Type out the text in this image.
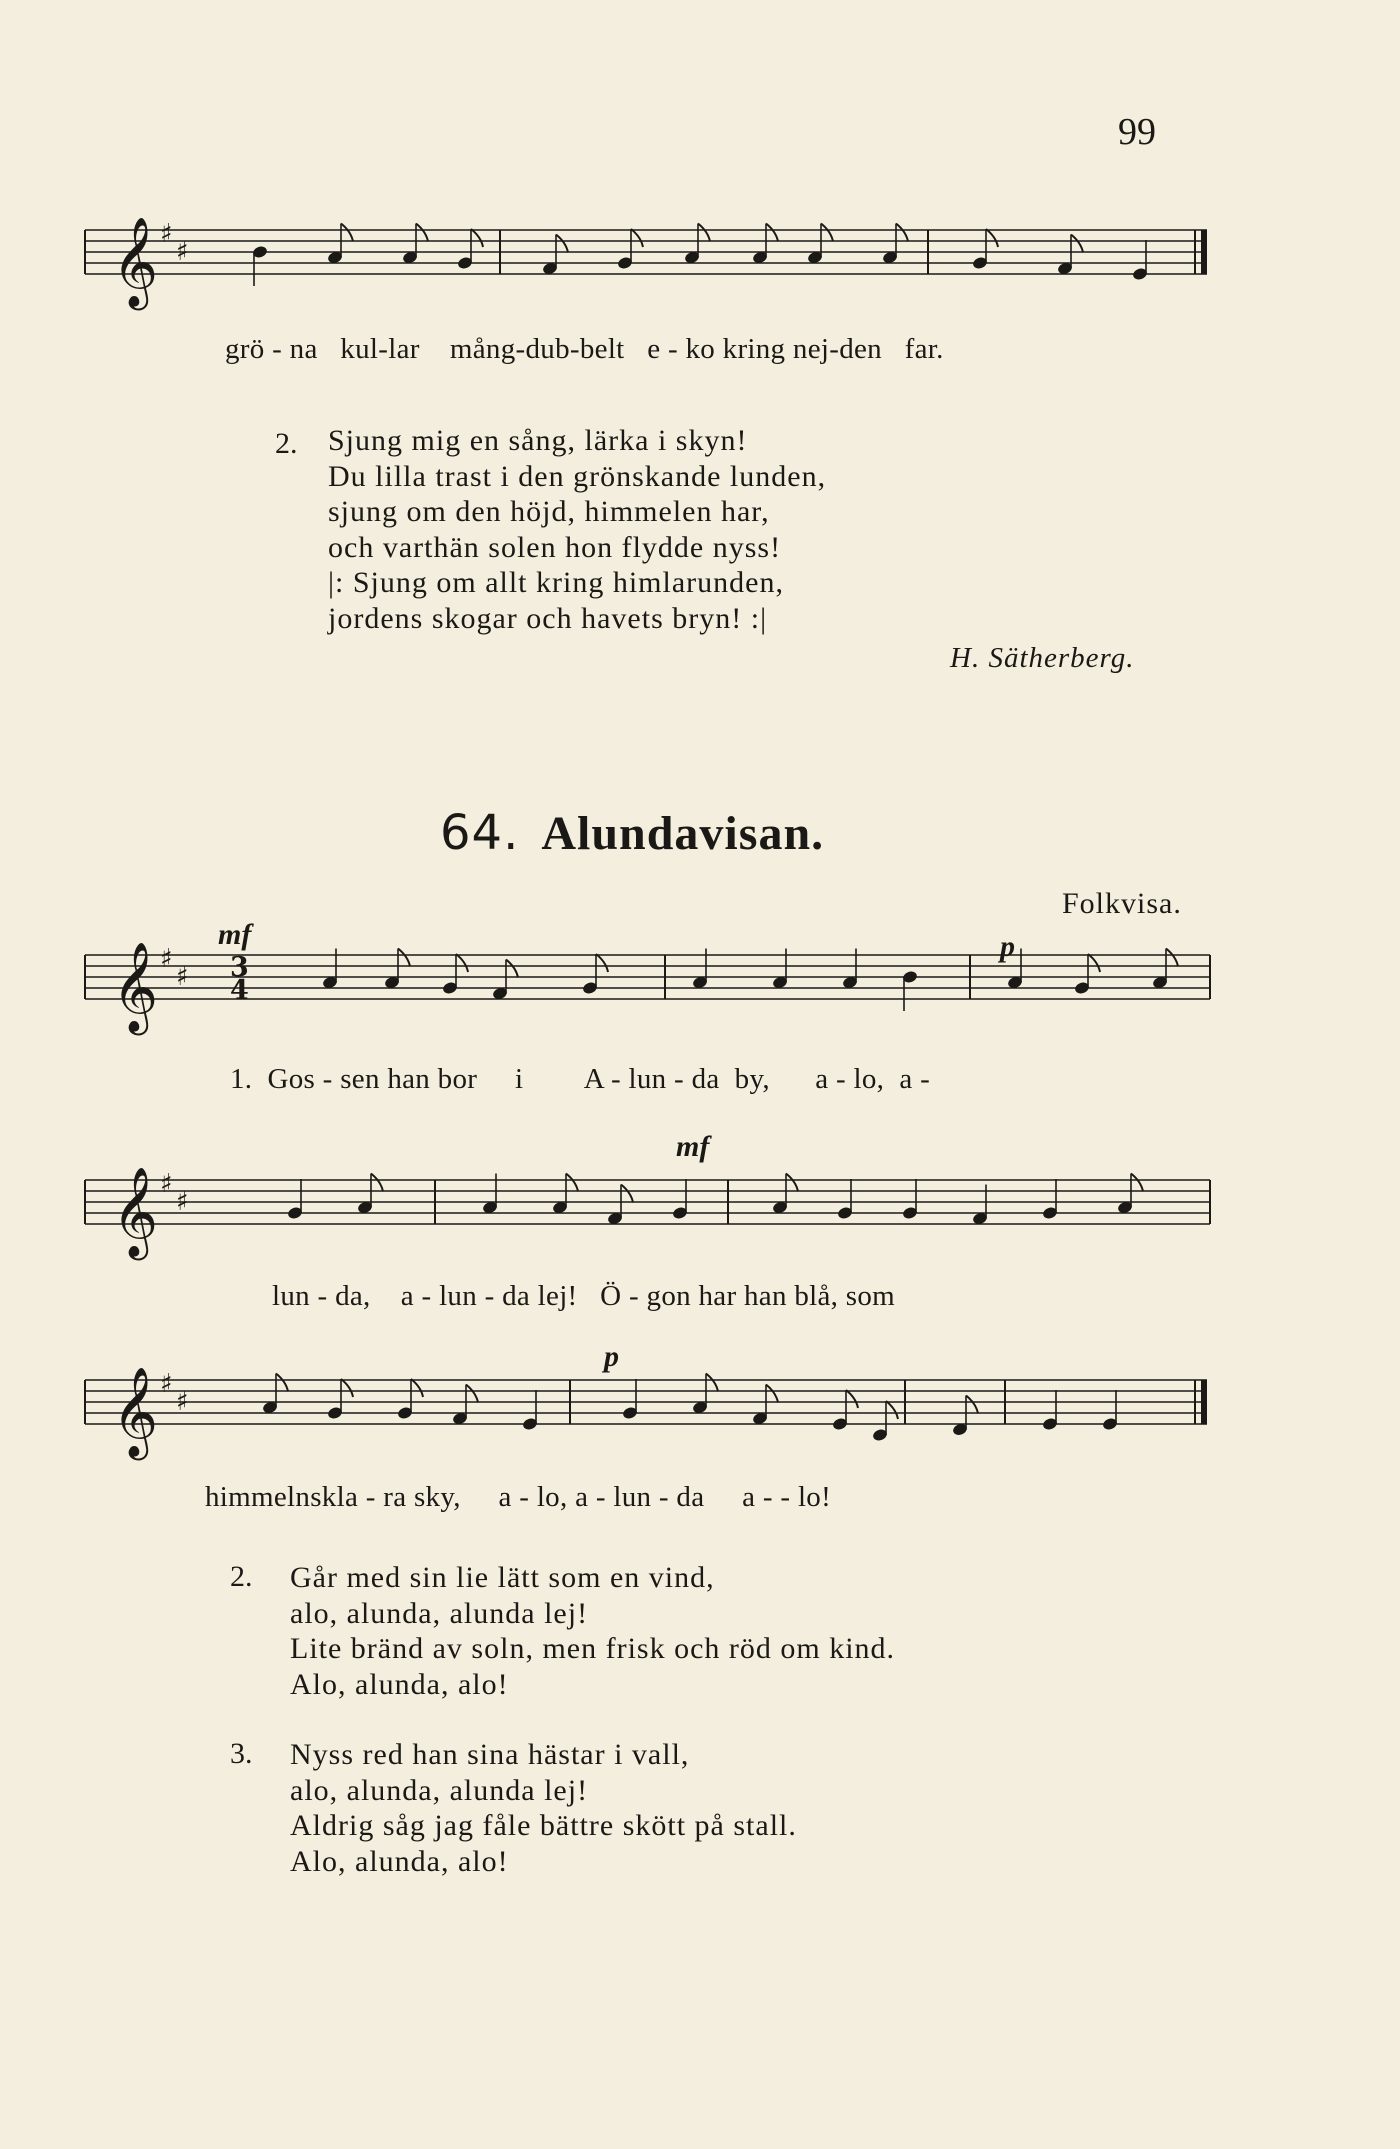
99
𝄞 ♯
♯
grö - na kul-lar mång-dub-belt e - ko kring nej-den far.
2. Sjung mig en sång, lärka i skyn!
Du lilla trast i den grönskande lunden,
sjung om den höjd, himmelen har,
och varthän solen hon flydde nyss!
|: Sjung om allt kring himlarunden,
jordens skogar och havets bryn! :|
H. Sätherberg.
64. Alundavisan.
Folkvisa.
mf	p
𝄞 ♯
♯ 3
4
1. Gos - sen han bor i A - lun - da by, a - lo, a -
mf
𝄞 ♯
♯
lun - da, a - lun - da lej! Ö - gon har han blå, som
p
𝄞 ♯
♯
himmelnskla - ra sky, a - lo, a - lun - da a - - lo!
2. Går med sin lie lätt som en vind,
alo, alunda, alunda lej!
Lite bränd av soln, men frisk och röd om kind.
Alo, alunda, alo!
3. Nyss red han sina hästar i vall,
alo, alunda, alunda lej!
Aldrig såg jag fåle bättre skött på stall.
Alo, alunda, alo!
